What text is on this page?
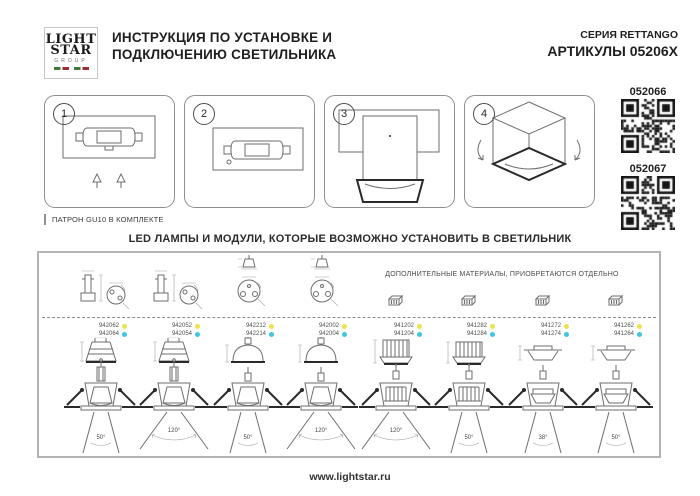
LIGHT
STAR
GROUP
ИНСТРУКЦИЯ ПО УСТАНОВКЕ И
ПОДКЛЮЧЕНИЮ СВЕТИЛЬНИКА
СЕРИЯ RETTANGO
АРТИКУЛЫ 05206X
1	2	3	4
052066
052067
ПАТРОН GU10 В КОМПЛЕКТЕ
LED ЛАМПЫ И МОДУЛИ, КОТОРЫЕ ВОЗМОЖНО УСТАНОВИТЬ В СВЕТИЛЬНИК
ДОПОЛНИТЕЛЬНЫЕ МАТЕРИАЛЫ, ПРИОБРЕТАЮТСЯ ОТДЕЛЬНО
942062
942064
942052
942054
942212
942214
942002
942004
941202
941204
941282
941284
941272
941274
941262
941264
50°
120°
50°
120°	120°
50°	38°	50°
www.lightstar.ru
